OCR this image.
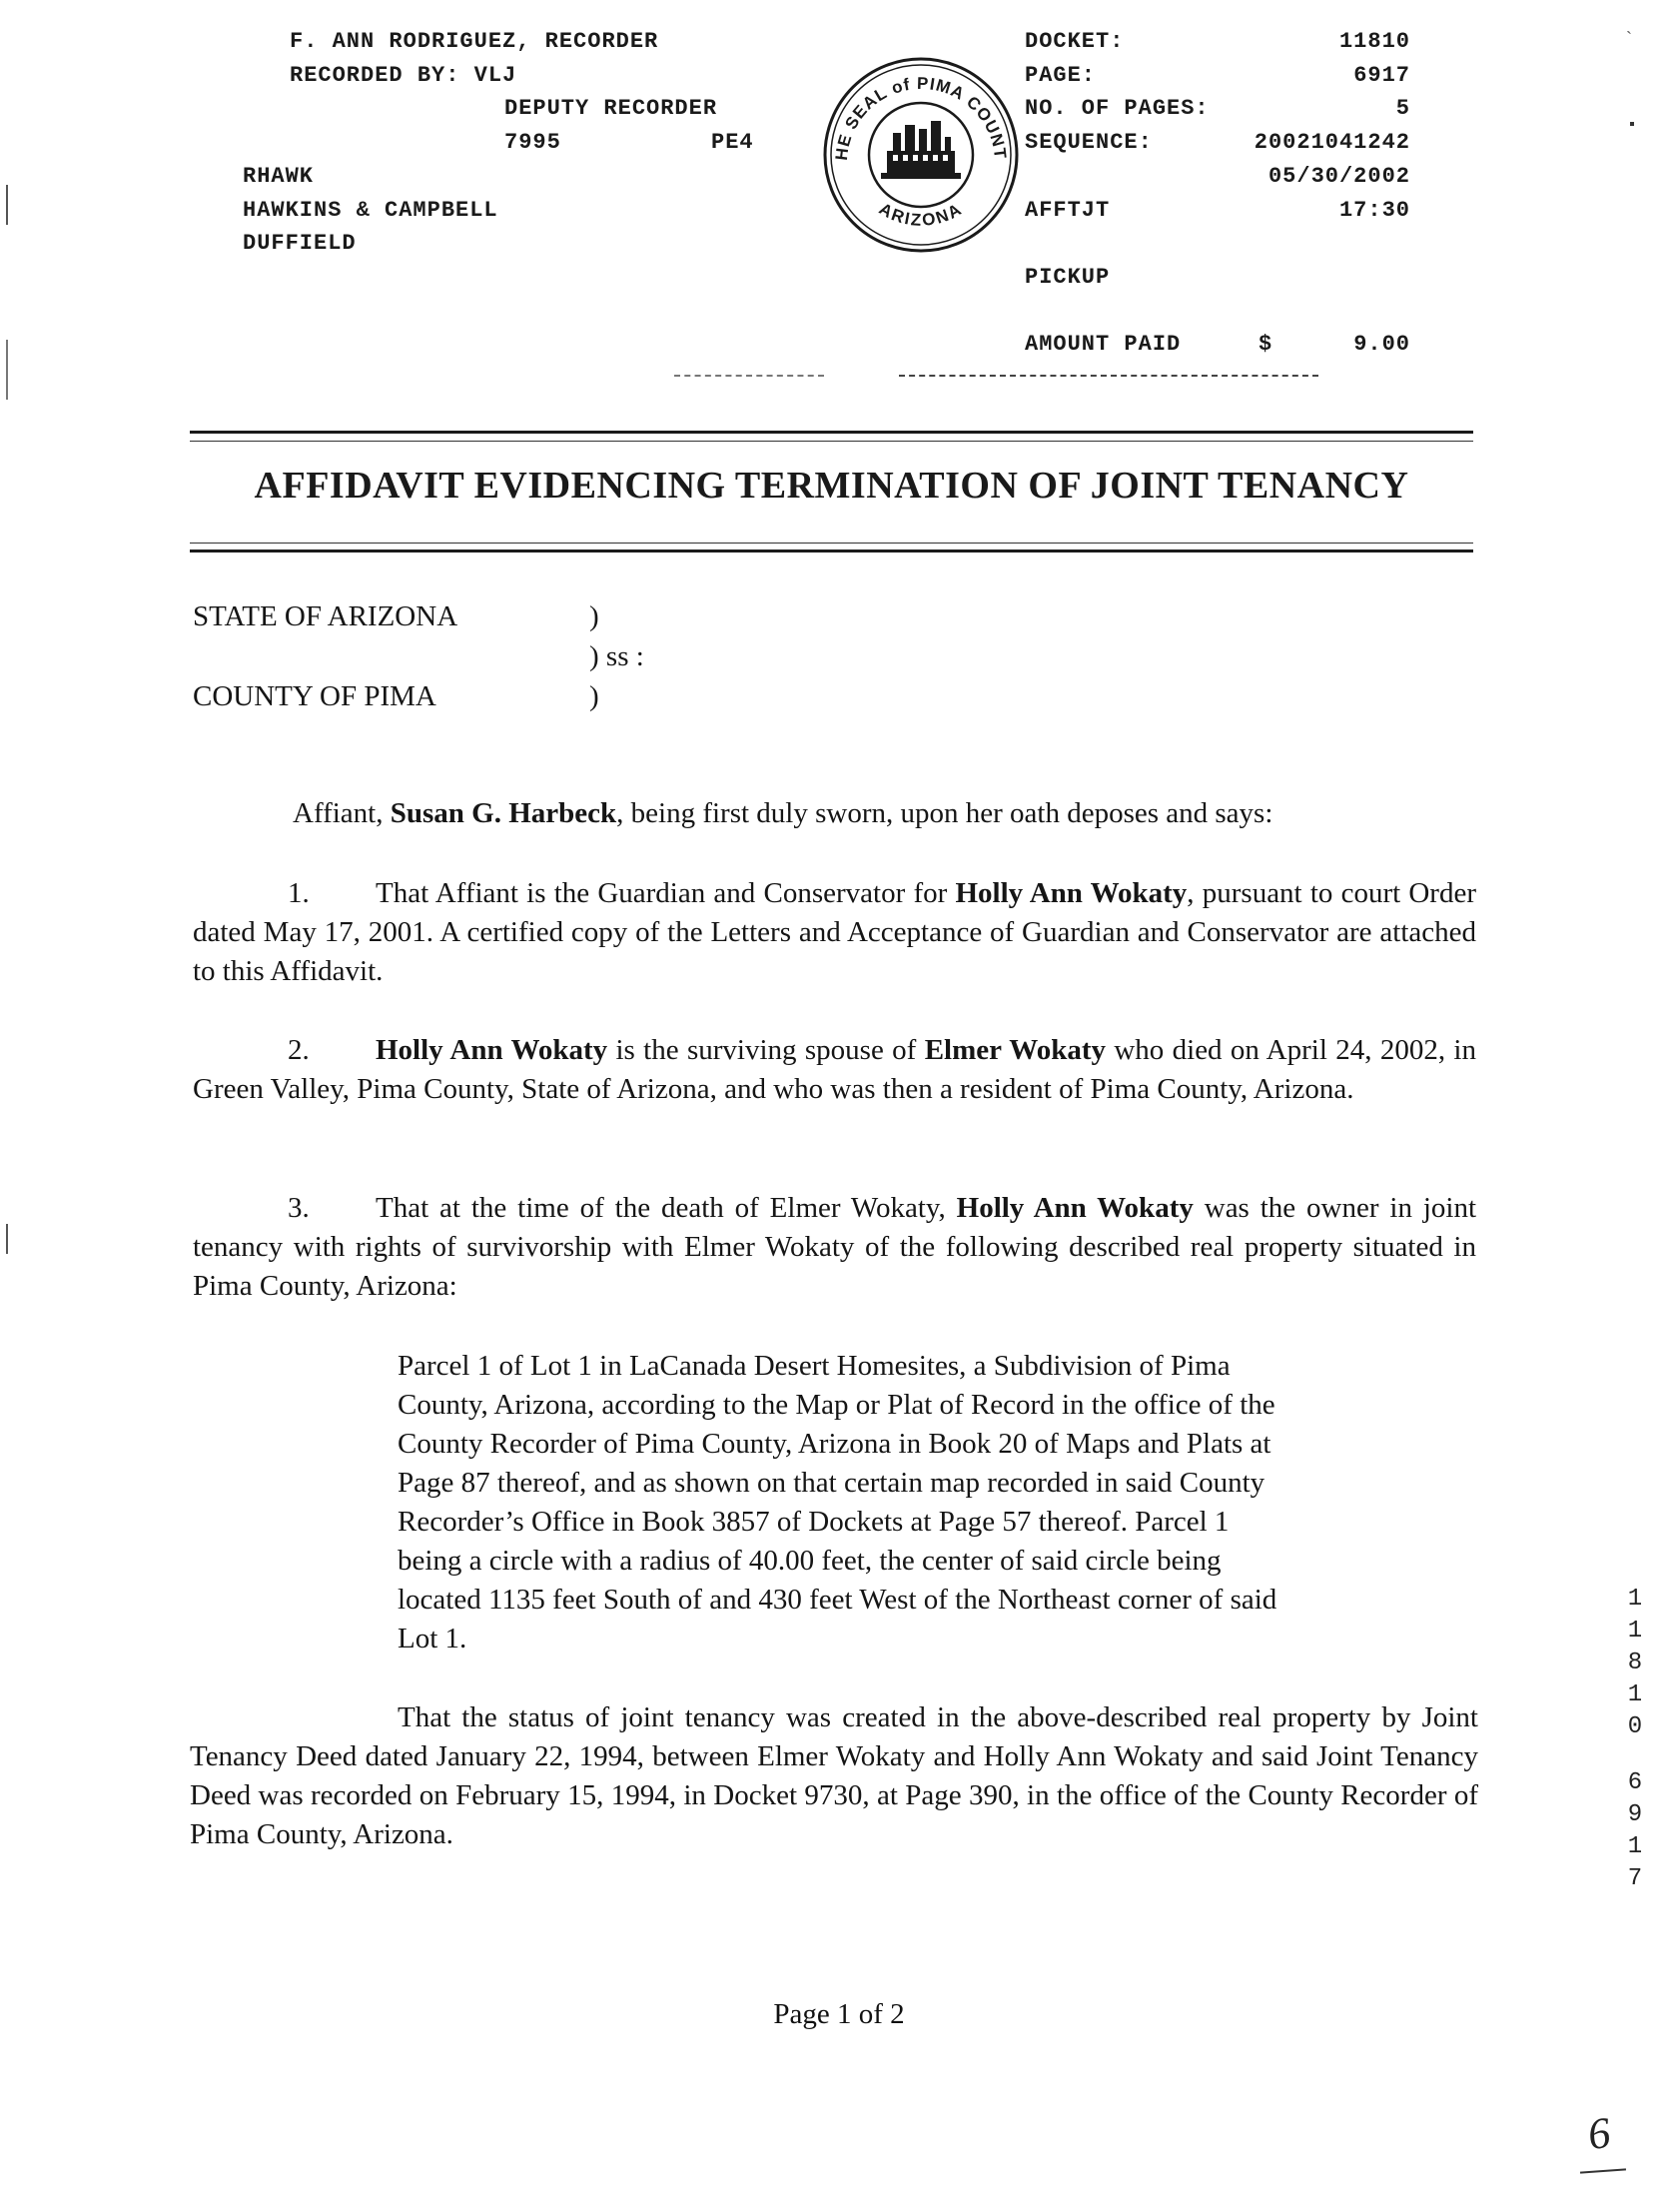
F. ANN RODRIGUEZ, RECORDER
RECORDED BY: VLJ
DEPUTY RECORDER
7995	PE4
RHAWK
HAWKINS & CAMPBELL
DUFFIELD
HE SEAL of PIMA COUNT
ARIZONA
DOCKET:	11810
PAGE:	6917
NO. OF PAGES:	5
SEQUENCE:	20021041242
05/30/2002
AFFTJT	17:30
PICKUP
AMOUNT PAID	$	9.00
AFFIDAVIT EVIDENCING TERMINATION OF JOINT TENANCY
STATE OF ARIZONA	)
) ss :
COUNTY OF PIMA	)
Affiant, Susan G. Harbeck, being first duly sworn, upon her oath deposes and says:
1. That Affiant is the Guardian and Conservator for Holly Ann Wokaty, pursuant to court Order dated May 17, 2001. A certified copy of the Letters and Acceptance of Guardian and Conservator are attached to this Affidavit.
2. Holly Ann Wokaty is the surviving spouse of Elmer Wokaty who died on April 24, 2002, in Green Valley, Pima County, State of Arizona, and who was then a resident of Pima County, Arizona.
3. That at the time of the death of Elmer Wokaty, Holly Ann Wokaty was the owner in joint tenancy with rights of survivorship with Elmer Wokaty of the following described real property situated in Pima County, Arizona:
Parcel 1 of Lot 1 in LaCanada Desert Homesites, a Subdivision of Pima County, Arizona, according to the Map or Plat of Record in the office of the County Recorder of Pima County, Arizona in Book 20 of Maps and Plats at Page 87 thereof, and as shown on that certain map recorded in said County Recorder’s Office in Book 3857 of Dockets at Page 57 thereof. Parcel 1 being a circle with a radius of 40.00 feet, the center of said circle being located 1135 feet South of and 430 feet West of the Northeast corner of said Lot 1.
That the status of joint tenancy was created in the above-described real property by Joint Tenancy Deed dated January 22, 1994, between Elmer Wokaty and Holly Ann Wokaty and said Joint Tenancy Deed was recorded on February 15, 1994, in Docket 9730, at Page 390, in the office of the County Recorder of Pima County, Arizona.
Page 1 of 2
1
1
8
1
0
6
9
1
7
6
`
